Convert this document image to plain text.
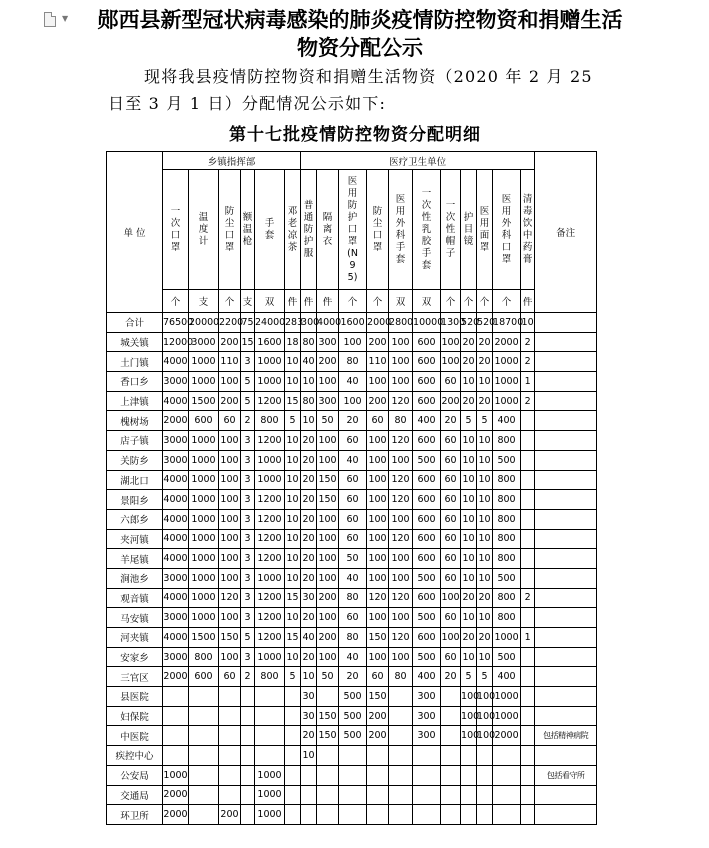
▼ 郧西县新型冠状病毒感染的肺炎疫情防控物资和捐赠生活物资分配公示
现将我县疫情防控物资和捐赠生活物资（2020 年 2 月 25 日至 3 月 1 日）分配情况公示如下:
第十七批疫情防控物资分配明细
单 位	乡镇指挥部						医疗卫生单位											备注
	一次口罩	温度计	防尘口罩	额温枪	手套	邓老凉茶	普通防护服	隔离衣	医用防护口罩(N95)	防尘口罩	医用外科手套	一次性乳胶手套	一次性帽子	护目镜	医用面罩	医用外科口罩	清毒饮中药膏	
	个	支	个	支	双	件	件	件	个	个	双	双	个	个	个	个	件	
合计	76500	20000	2200	75	24000	283	300	4000	1600	2000	2800	10000	1300	520	520	18700	10	
城关镇	12000	3000	200	15	1600	18	80	300	100	200	100	600	100	20	20	2000	2	
土门镇	4000	1000	110	3	1000	10	40	200	80	110	100	600	100	20	20	1000	2	
香口乡	3000	1000	100	5	1000	10	10	100	40	100	100	600	60	10	10	1000	1	
上津镇	4000	1500	200	5	1200	15	80	300	100	200	120	600	200	20	20	1000	2	
槐树场	2000	600	60	2	800	5	10	50	20	60	80	400	20	5	5	400		
店子镇	3000	1000	100	3	1200	10	20	100	60	100	120	600	60	10	10	800		
关防乡	3000	1000	100	3	1000	10	20	100	40	100	100	500	60	10	10	500		
湖北口	4000	1000	100	3	1000	10	20	150	60	100	120	600	60	10	10	800		
景阳乡	4000	1000	100	3	1200	10	20	150	60	100	120	600	60	10	10	800		
六郎乡	4000	1000	100	3	1200	10	20	100	60	100	100	600	60	10	10	800		
夹河镇	4000	1000	100	3	1200	10	20	100	60	100	120	600	60	10	10	800		
羊尾镇	4000	1000	100	3	1200	10	20	100	50	100	100	600	60	10	10	800		
涧池乡	3000	1000	100	3	1000	10	20	100	40	100	100	500	60	10	10	500		
观音镇	4000	1000	120	3	1200	15	30	200	80	120	120	600	100	20	20	800	2	
马安镇	3000	1000	100	3	1200	10	20	100	60	100	100	500	60	10	10	800		
河夹镇	4000	1500	150	5	1200	15	40	200	80	150	120	600	100	20	20	1000	1	
安家乡	3000	800	100	3	1000	10	20	100	40	100	100	500	60	10	10	500		
三官区	2000	600	60	2	800	5	10	50	20	60	80	400	20	5	5	400		
县医院							30		500	150		300		100	100	1000		
妇保院							30	150	500	200		300		100	100	1000		
中医院							20	150	500	200		300		100	100	2000		包括精神病院
疾控中心							10											
公安局	1000				1000													包括看守所
交通局	2000				1000													
环卫所	2000		200		1000													
